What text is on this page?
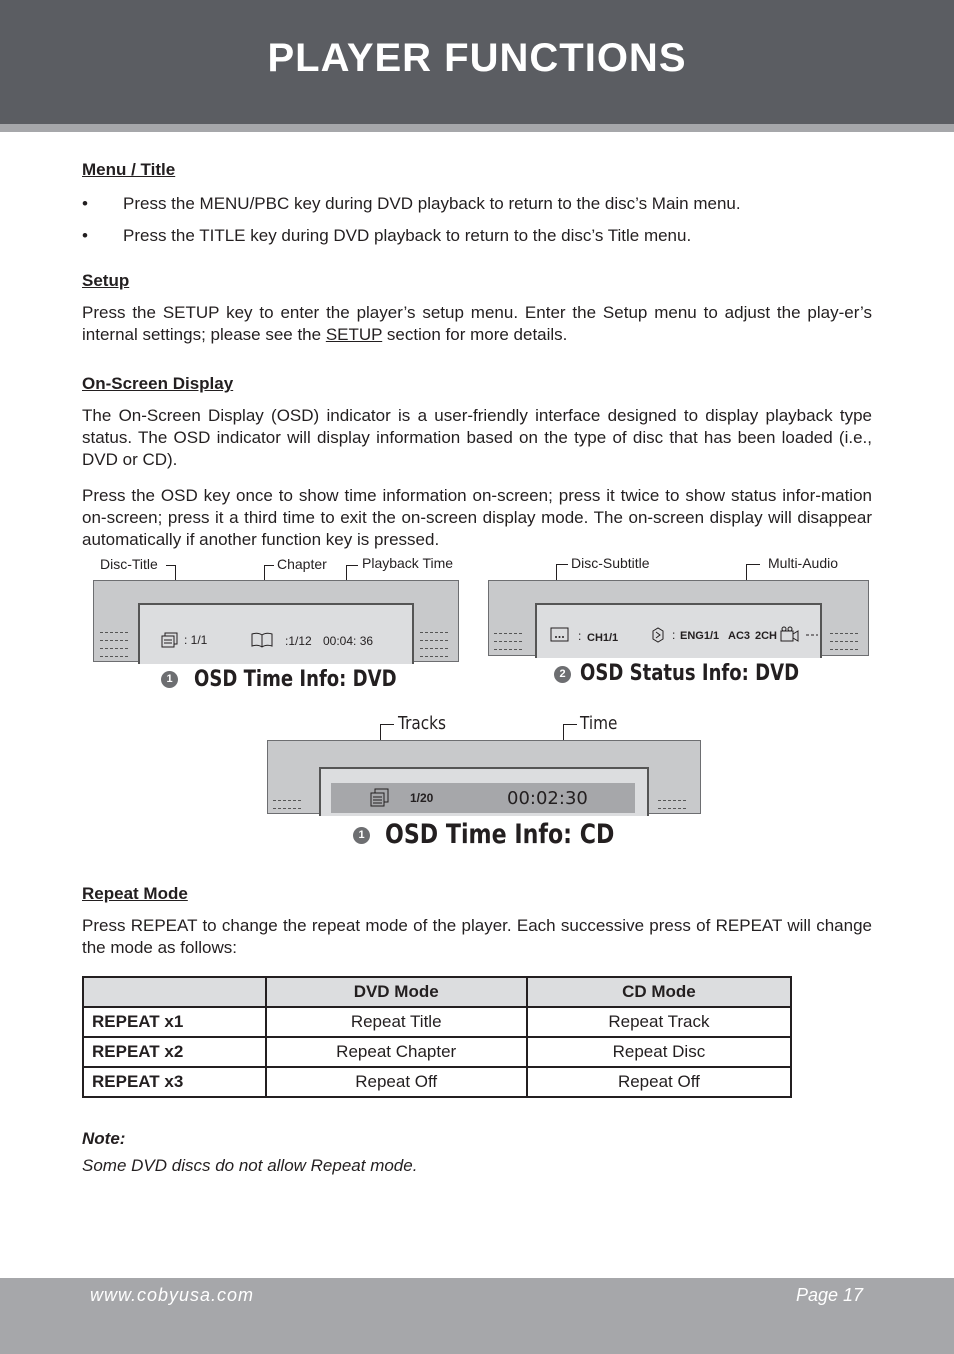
PLAYER FUNCTIONS
Menu / Title
• Press the MENU/PBC key during DVD playback to return to the disc’s Main menu.
• Press the TITLE key during DVD playback to return to the disc’s Title menu.
Setup
Press the SETUP key to enter the player’s setup menu. Enter the Setup menu to adjust the play-er’s internal settings; please see the SETUP section for more details.
On-Screen Display
The On-Screen Display (OSD) indicator is a user-friendly interface designed to display playback type status. The OSD indicator will display information based on the type of disc that has been loaded (i.e., DVD or CD).
Press the OSD key once to show time information on-screen; press it twice to show status infor-mation on-screen; press it a third time to exit the on-screen display mode. The on-screen display will disappear automatically if another function key is pressed.
Disc-Title	Chapter	Playback Time
: 1/1	:1/12 00:04: 36
1 OSD Time Info: DVD
Disc-Subtitle	Multi-Audio
: CH1/1	: ENG1/1 AC3 2CH
2 OSD Status Info: DVD
Tracks	Time
1/20	00:02:30
1 OSD Time Info: CD
Repeat Mode
Press REPEAT to change the repeat mode of the player. Each successive press of REPEAT will change the mode as follows:
	DVD Mode	CD Mode
REPEAT x1	Repeat Title	Repeat Track
REPEAT x2	Repeat Chapter	Repeat Disc
REPEAT x3	Repeat Off	Repeat Off
Note:
Some DVD discs do not allow Repeat mode.
www.cobyusa.com	Page 17
